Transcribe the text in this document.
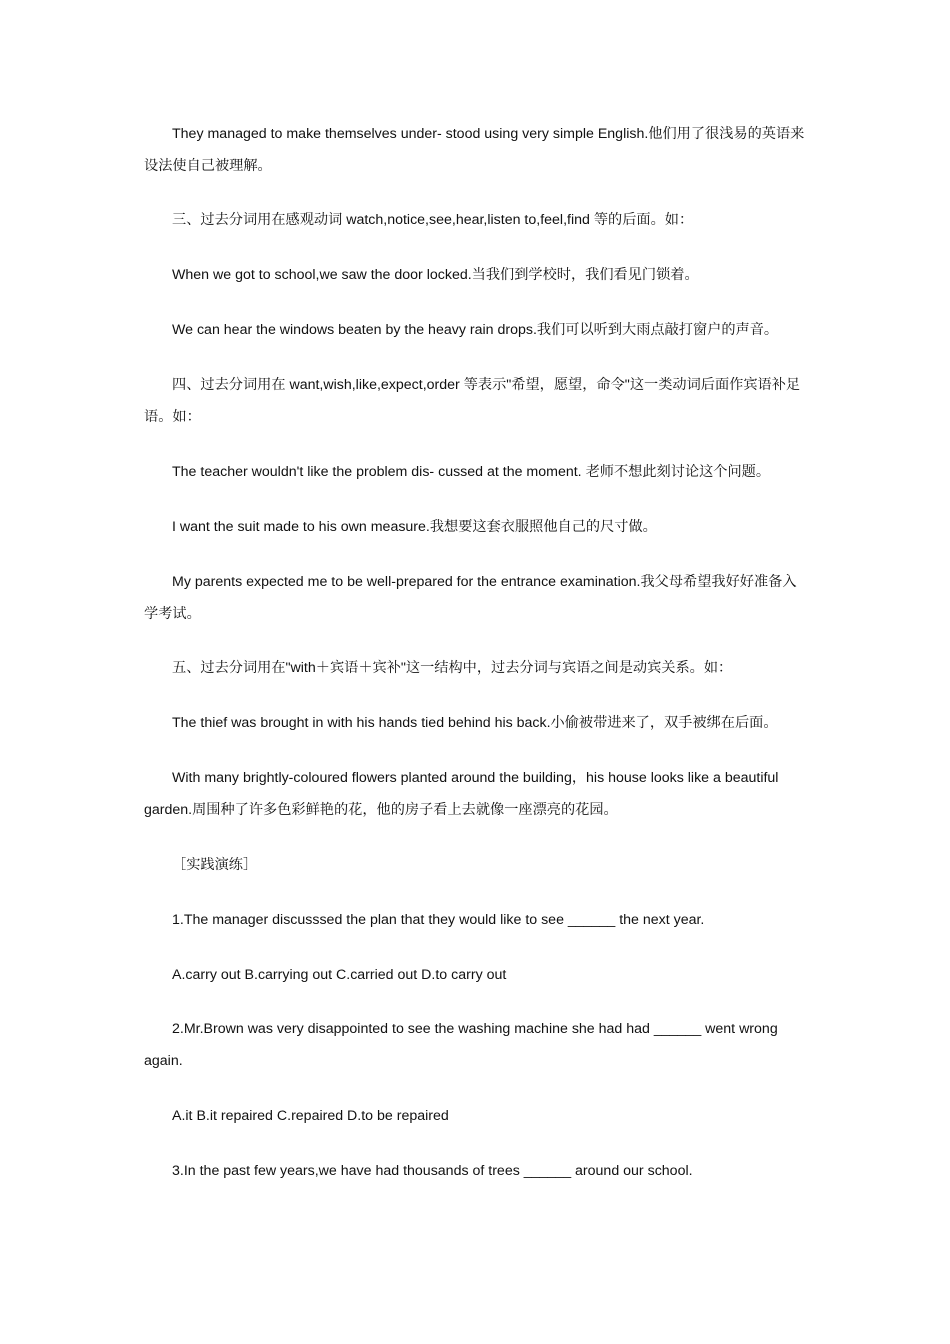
They managed to make themselves under- stood using very simple English.他们用了很浅易的英语来设法使自己被理解。

三、过去分词用在感观动词 watch,notice,see,hear,listen to,feel,find 等的后面。如：

When we got to school,we saw the door locked.当我们到学校时，我们看见门锁着。

We can hear the windows beaten by the heavy rain drops.我们可以听到大雨点敲打窗户的声音。

四、过去分词用在 want,wish,like,expect,order 等表示"希望，愿望，命令"这一类动词后面作宾语补足语。如：

The teacher wouldn't like the problem dis- cussed at the moment. 老师不想此刻讨论这个问题。

I want the suit made to his own measure.我想要这套衣服照他自己的尺寸做。

My parents expected me to be well-prepared for the entrance examination.我父母希望我好好准备入学考试。

五、过去分词用在"with＋宾语＋宾补"这一结构中，过去分词与宾语之间是动宾关系。如：

The thief was brought in with his hands tied behind his back.小偷被带进来了，双手被绑在后面。

With many brightly-coloured flowers planted around the building，his house looks like a beautiful garden.周围种了许多色彩鲜艳的花，他的房子看上去就像一座漂亮的花园。

［实践演练］

1.The manager discusssed the plan that they would like to see ______ the next year.

A.carry out B.carrying out C.carried out D.to carry out

2.Mr.Brown was very disappointed to see the washing machine she had had ______ went wrong again.

A.it B.it repaired C.repaired D.to be repaired

3.In the past few years,we have had thousands of trees ______ around our school.
